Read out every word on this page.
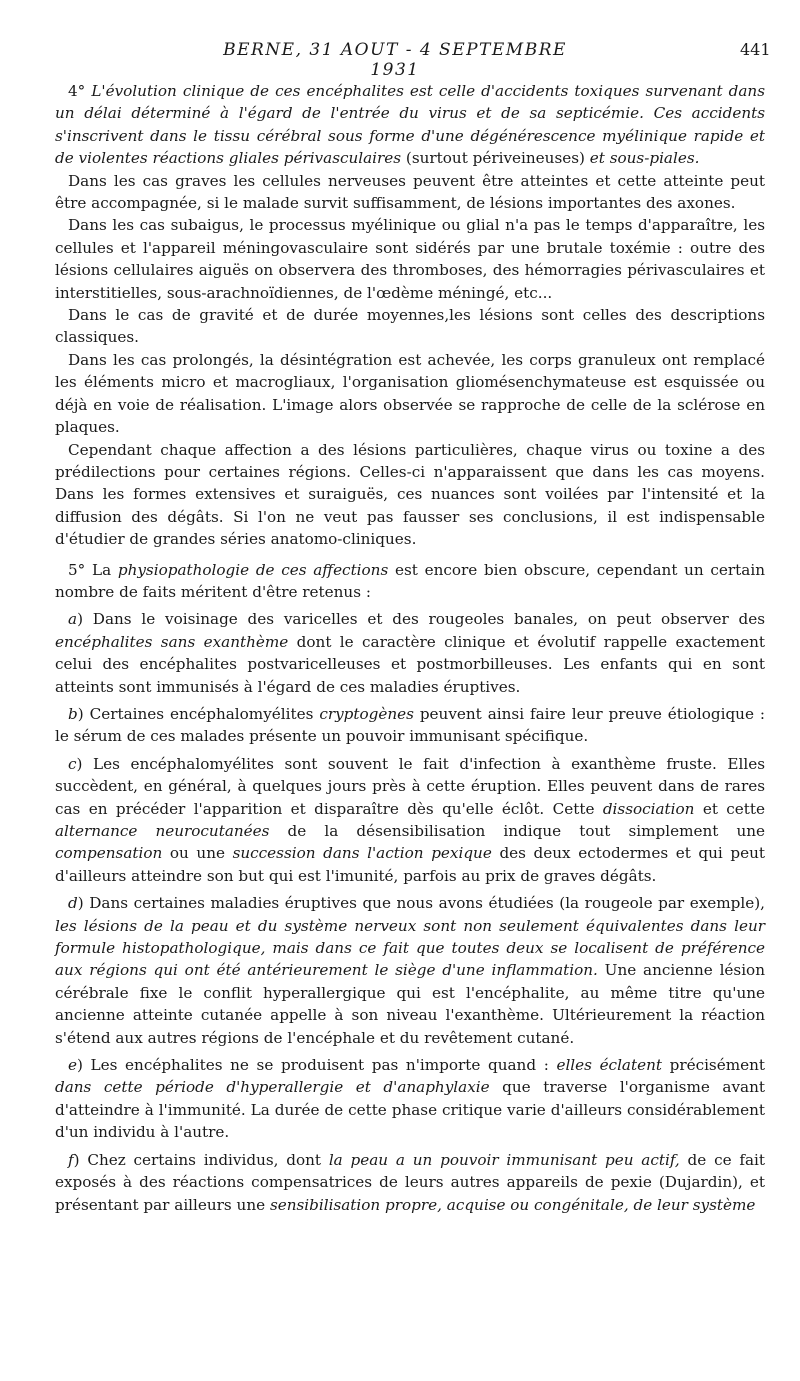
BERNE, 31 AOUT - 4 SEPTEMBRE 1931
441

4° L'évolution clinique de ces encéphalites est celle d'accidents toxiques survenant dans un délai déterminé à l'égard de l'entrée du virus et de sa septicémie. Ces accidents s'inscrivent dans le tissu cérébral sous forme d'une dégénérescence myélinique rapide et de violentes réactions gliales périvasculaires (surtout périveineuses) et sous-piales.

Dans les cas graves les cellules nerveuses peuvent être atteintes et cette atteinte peut être accompagnée, si le malade survit suffisamment, de lésions importantes des axones.

Dans les cas subaigus, le processus myélinique ou glial n'a pas le temps d'apparaître, les cellules et l'appareil méningovasculaire sont sidérés par une brutale toxémie : outre des lésions cellulaires aiguës on observera des thromboses, des hémorragies périvasculaires et interstitielles, sous-arachnoïdiennes, de l'œdème méningé, etc...

Dans le cas de gravité et de durée moyennes,les lésions sont celles des descriptions classiques.

Dans les cas prolongés, la désintégration est achevée, les corps granuleux ont remplacé les éléments micro et macrogliaux, l'organisation gliomésenchymateuse est esquissée ou déjà en voie de réalisation. L'image alors observée se rapproche de celle de la sclérose en plaques.

Cependant chaque affection a des lésions particulières, chaque virus ou toxine a des prédilections pour certaines régions. Celles-ci n'apparaissent que dans les cas moyens. Dans les formes extensives et suraiguës, ces nuances sont voilées par l'intensité et la diffusion des dégâts. Si l'on ne veut pas fausser ses conclusions, il est indispensable d'étudier de grandes séries anatomo-cliniques.

5° La physiopathologie de ces affections est encore bien obscure, cependant un certain nombre de faits méritent d'être retenus :

a) Dans le voisinage des varicelles et des rougeoles banales, on peut observer des encéphalites sans exanthème dont le caractère clinique et évolutif rappelle exactement celui des encéphalites postvaricelleuses et postmorbilleuses. Les enfants qui en sont atteints sont immunisés à l'égard de ces maladies éruptives.

b) Certaines encéphalomyélites cryptogènes peuvent ainsi faire leur preuve étiologique : le sérum de ces malades présente un pouvoir immunisant spécifique.

c) Les encéphalomyélites sont souvent le fait d'infection à exanthème fruste. Elles succèdent, en général, à quelques jours près à cette éruption. Elles peuvent dans de rares cas en précéder l'apparition et disparaître dès qu'elle éclôt. Cette dissociation et cette alternance neurocutanées de la désensibilisation indique tout simplement une compensation ou une succession dans l'action pexique des deux ectodermes et qui peut d'ailleurs atteindre son but qui est l'imunité, parfois au prix de graves dégâts.

d) Dans certaines maladies éruptives que nous avons étudiées (la rougeole par exemple), les lésions de la peau et du système nerveux sont non seulement équivalentes dans leur formule histopathologique, mais dans ce fait que toutes deux se localisent de préférence aux régions qui ont été antérieurement le siège d'une inflammation. Une ancienne lésion cérébrale fixe le conflit hyperallergique qui est l'encéphalite, au même titre qu'une ancienne atteinte cutanée appelle à son niveau l'exanthème. Ultérieurement la réaction s'étend aux autres régions de l'encéphale et du revêtement cutané.

e) Les encéphalites ne se produisent pas n'importe quand : elles éclatent précisément dans cette période d'hyperallergie et d'anaphylaxie que traverse l'organisme avant d'atteindre à l'immunité. La durée de cette phase critique varie d'ailleurs considérablement d'un individu à l'autre.

f) Chez certains individus, dont la peau a un pouvoir immunisant peu actif, de ce fait exposés à des réactions compensatrices de leurs autres appareils de pexie (Dujardin), et présentant par ailleurs une sensibilisation propre, acquise ou congénitale, de leur système
